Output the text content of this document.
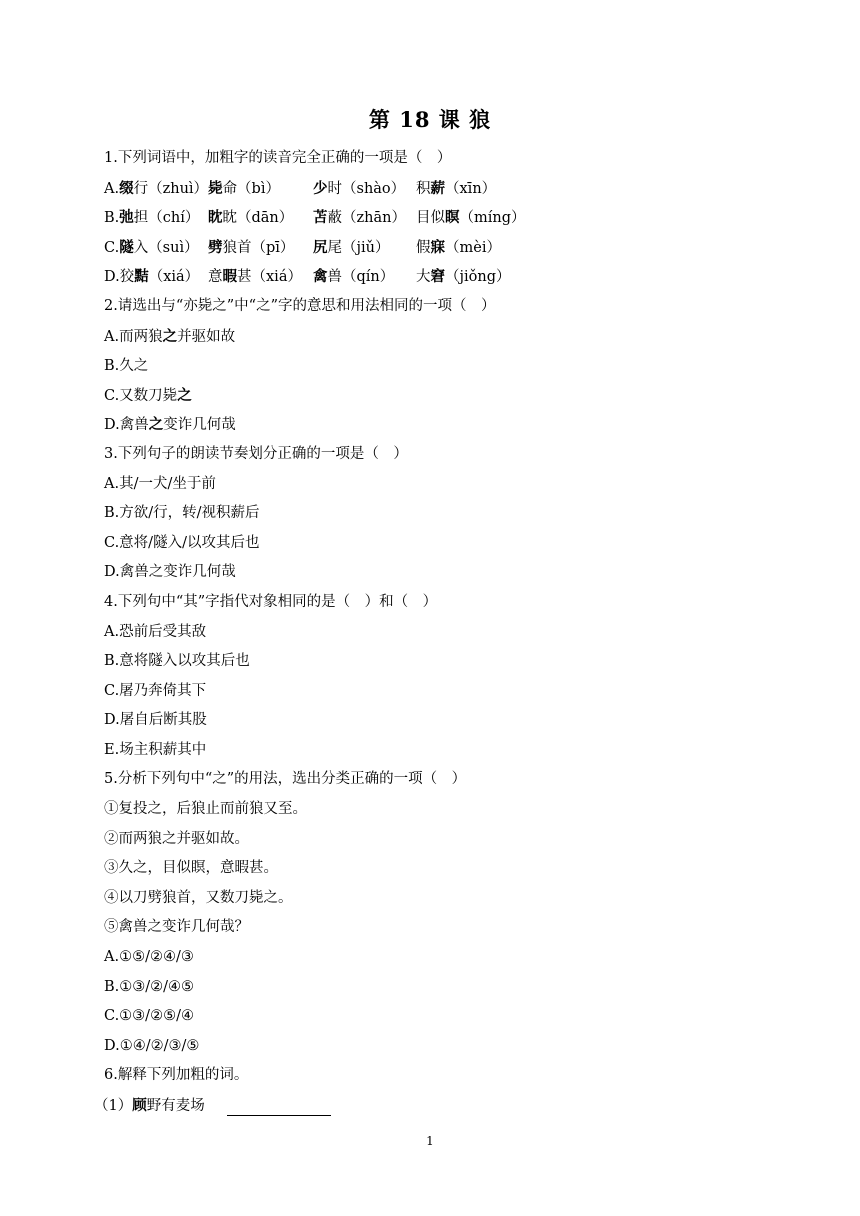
第 18 课 狼
1.下列词语中，加粗字的读音完全正确的一项是（　）
A.缀行（zhuì）毙命（bì） 少时（shào） 积薪（xīn）
B.弛担（chí） 眈眈（dān） 苫蔽（zhān） 目似瞑（míng）
C.隧入（suì） 劈狼首（pī） 尻尾（jiǔ） 假寐（mèi）
D.狡黠（xiá） 意暇甚（xiá） 禽兽（qín） 大窘（jiǒng）
2.请选出与“亦毙之”中“之”字的意思和用法相同的一项（　）
A.而两狼之并驱如故
B.久之
C.又数刀毙之
D.禽兽之变诈几何哉
3.下列句子的朗读节奏划分正确的一项是（　）
A.其/一犬/坐于前
B.方欲/行，转/视积薪后
C.意将/隧入/以攻其后也
D.禽兽之变诈几何哉
4.下列句中“其”字指代对象相同的是（　）和（　）
A.恐前后受其敌
B.意将隧入以攻其后也
C.屠乃奔倚其下
D.屠自后断其股
E.场主积薪其中
5.分析下列句中“之”的用法，选出分类正确的一项（　）
①复投之，后狼止而前狼又至。
②而两狼之并驱如故。
③久之，目似瞑，意暇甚。
④以刀劈狼首，又数刀毙之。
⑤禽兽之变诈几何哉？
A.①⑤/②④/③
B.①③/②/④⑤
C.①③/②⑤/④
D.①④/②/③/⑤
6.解释下列加粗的词。
（1）顾野有麦场
1
